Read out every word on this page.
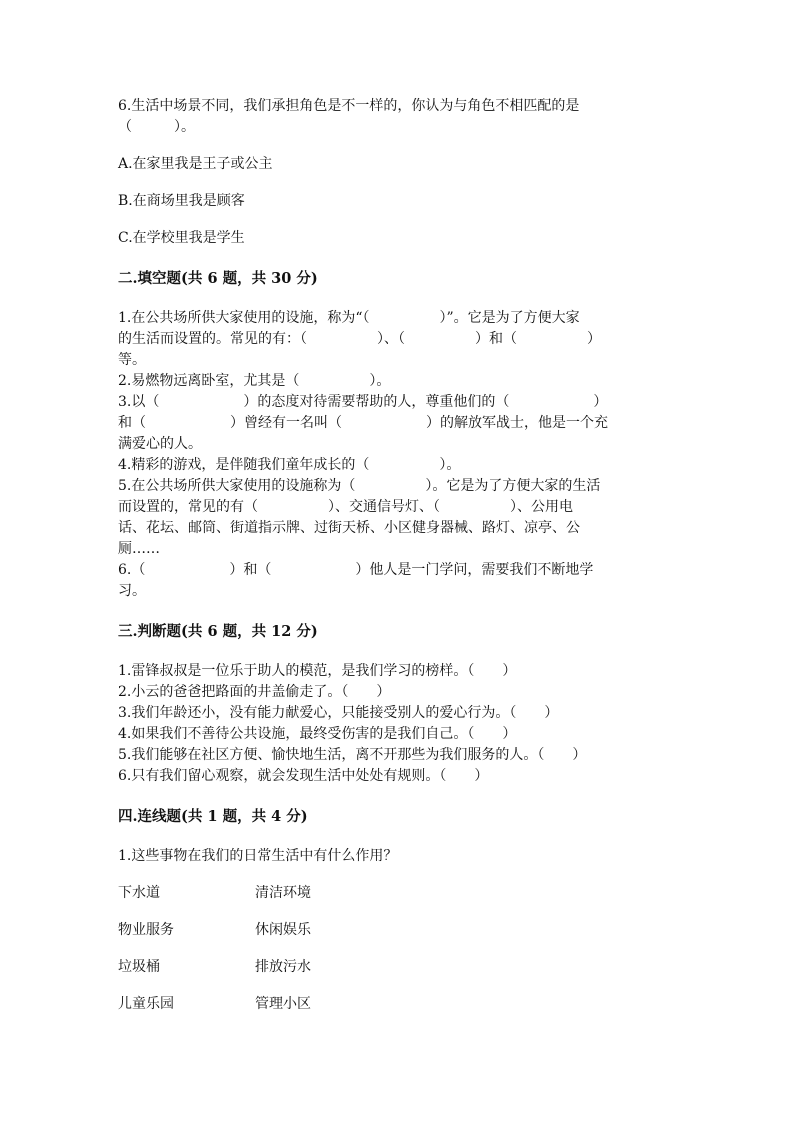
6.生活中场景不同，我们承担角色是不一样的，你认为与角色不相匹配的是

（　　　）。

A.在家里我是王子或公主

B.在商场里我是顾客

C.在学校里我是学生

二.填空题(共 6 题，共 30 分)

1.在公共场所供大家使用的设施，称为“（　　　　　）”。它是为了方便大家

的生活而设置的。常见的有：（　　　　　）、（　　　　　）和（　　　　　）

等。

2.易燃物远离卧室，尤其是（　　　　　）。

3.以（　　　　　　）的态度对待需要帮助的人，尊重他们的（　　　　　　）

和（　　　　　　）曾经有一名叫（　　　　　　）的解放军战士，他是一个充

满爱心的人。

4.精彩的游戏，是伴随我们童年成长的（　　　　　）。

5.在公共场所供大家使用的设施称为（　　　　　）。它是为了方便大家的生活

而设置的，常见的有（　　　　　）、交通信号灯、（　　　　　）、公用电

话、花坛、邮筒、街道指示牌、过街天桥、小区健身器械、路灯、凉亭、公

厕……

6.（　　　　　　）和（　　　　　　）他人是一门学问，需要我们不断地学

习。

三.判断题(共 6 题，共 12 分)

1.雷锋叔叔是一位乐于助人的模范，是我们学习的榜样。（　　）

2.小云的爸爸把路面的井盖偷走了。（　　）

3.我们年龄还小，没有能力献爱心，只能接受别人的爱心行为。（　　）

4.如果我们不善待公共设施，最终受伤害的是我们自己。（　　）

5.我们能够在社区方便、愉快地生活，离不开那些为我们服务的人。（　　）

6.只有我们留心观察，就会发现生活中处处有规则。（　　）

四.连线题(共 1 题，共 4 分)

1.这些事物在我们的日常生活中有什么作用？

下水道	清洁环境
物业服务	休闲娱乐
垃圾桶	排放污水
儿童乐园	管理小区
